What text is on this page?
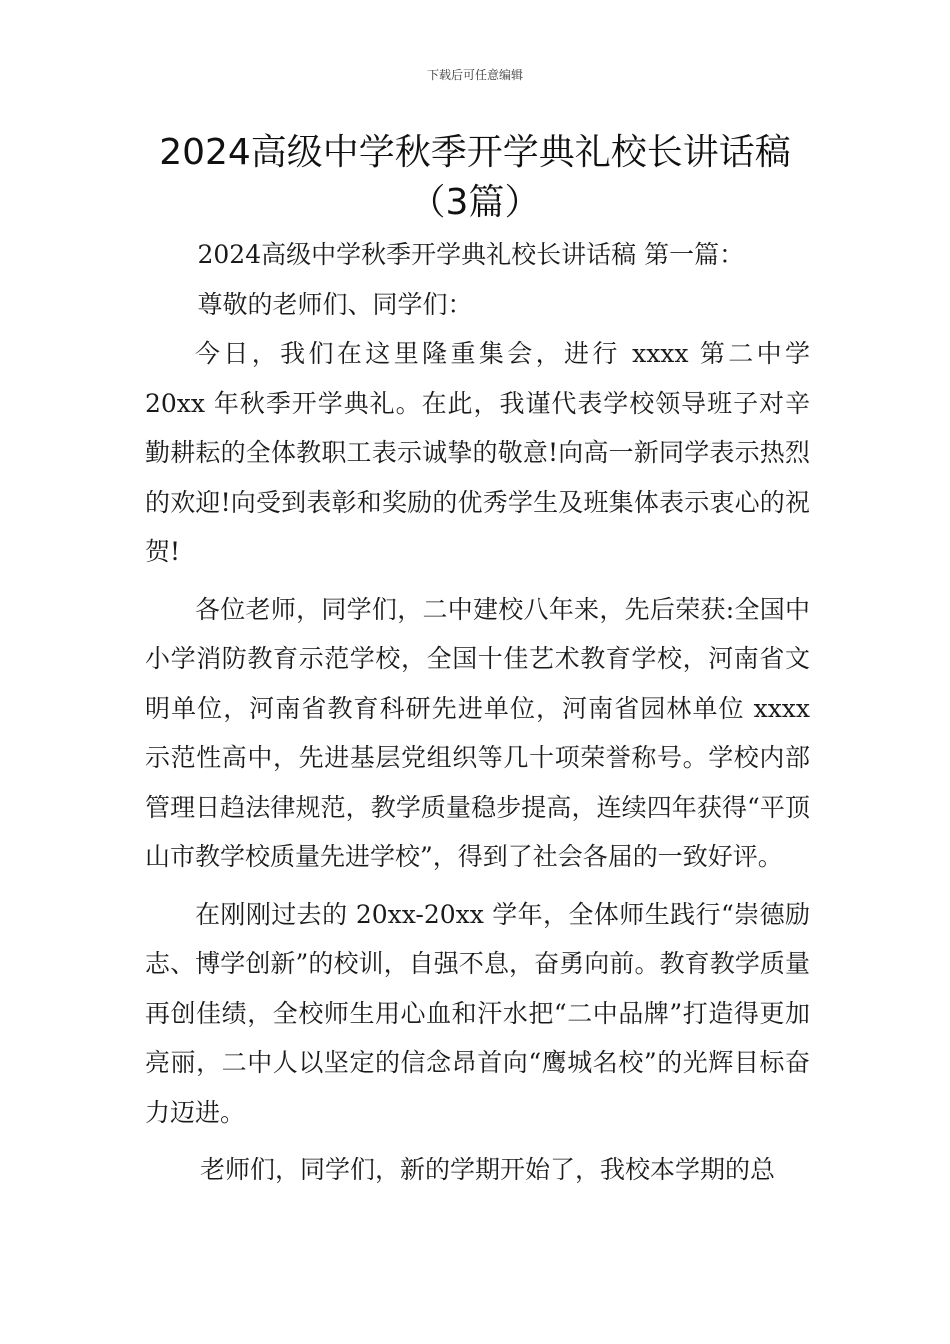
下载后可任意编辑
2024高级中学秋季开学典礼校长讲话稿（3篇）

2024高级中学秋季开学典礼校长讲话稿 第一篇：

尊敬的老师们、同学们：

今日，我们在这里隆重集会，进行 xxxx 第二中学 20xx 年秋季开学典礼。在此，我谨代表学校领导班子对辛勤耕耘的全体教职工表示诚挚的敬意!向高一新同学表示热烈的欢迎!向受到表彰和奖励的优秀学生及班集体表示衷心的祝贺!

各位老师，同学们，二中建校八年来，先后荣获:全国中小学消防教育示范学校，全国十佳艺术教育学校，河南省文明单位，河南省教育科研先进单位，河南省园林单位 xxxx 示范性高中，先进基层党组织等几十项荣誉称号。学校内部管理日趋法律规范，教学质量稳步提高，连续四年获得“平顶山市教学校质量先进学校”，得到了社会各届的一致好评。

在刚刚过去的 20xx-20xx 学年，全体师生践行“崇德励志、博学创新”的校训，自强不息，奋勇向前。教育教学质量再创佳绩，全校师生用心血和汗水把“二中品牌”打造得更加亮丽，二中人以坚定的信念昂首向“鹰城名校”的光辉目标奋力迈进。

老师们，同学们，新的学期开始了，我校本学期的总
